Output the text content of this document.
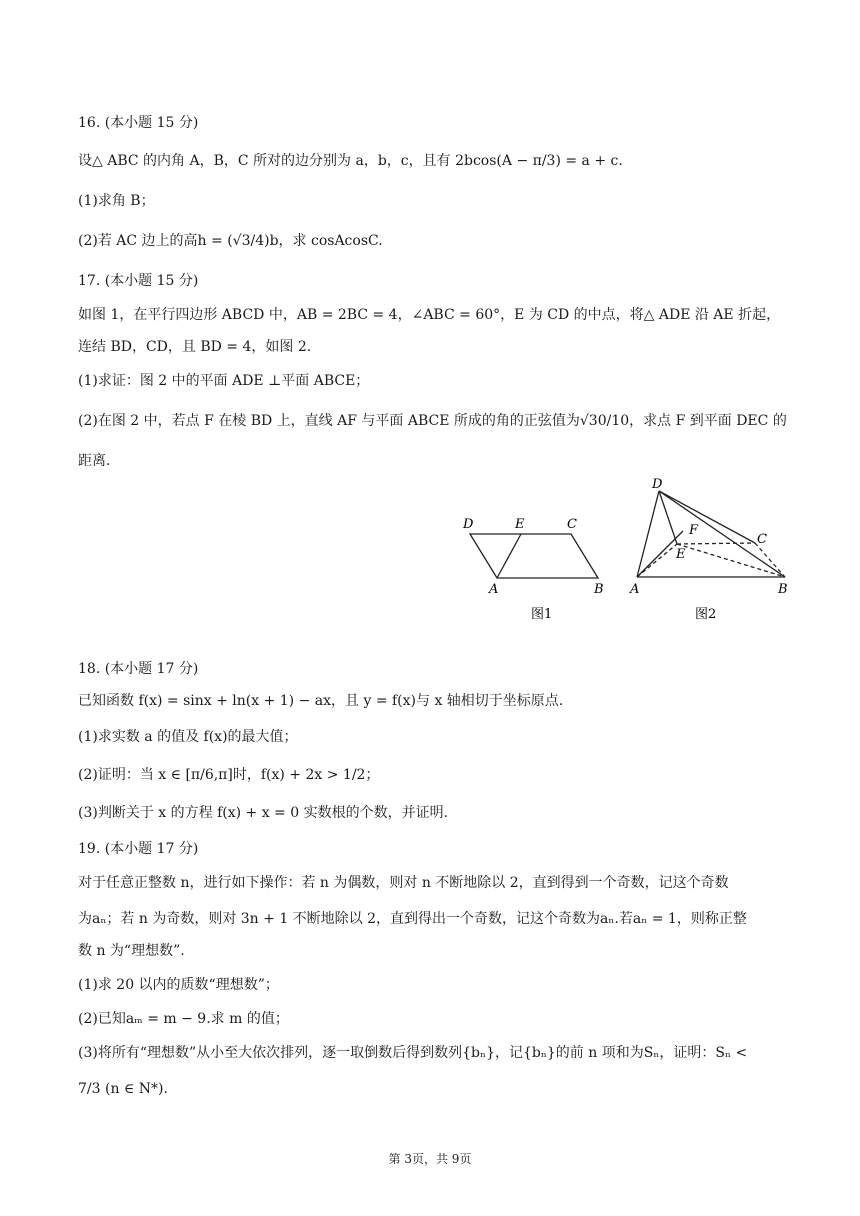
16. (本小题 15 分)
设△ ABC 的内角 A，B，C 所对的边分别为 a，b，c，且有 2bcos(A − π/3) = a + c.
(1)求角 B；
(2)若 AC 边上的高h = (√3/4)b，求 cosAcosC.
17. (本小题 15 分)
如图 1，在平行四边形 ABCD 中，AB = 2BC = 4，∠ABC = 60°，E 为 CD 的中点，将△ ADE 沿 AE 折起，
连结 BD，CD，且 BD = 4，如图 2.
(1)求证：图 2 中的平面 ADE ⊥平面 ABCE；
(2)在图 2 中，若点 F 在棱 BD 上，直线 AF 与平面 ABCE 所成的角的正弦值为√30/10，求点 F 到平面 DEC 的
距离.
D	E	C
A	B
图1
D
F
E
C
A	B
图2
18. (本小题 17 分)
已知函数 f(x) = sinx + ln(x + 1) − ax，且 y = f(x)与 x 轴相切于坐标原点.
(1)求实数 a 的值及 f(x)的最大值；
(2)证明：当 x ∈ [π/6,π]时，f(x) + 2x > 1/2；
(3)判断关于 x 的方程 f(x) + x = 0 实数根的个数，并证明.
19. (本小题 17 分)
对于任意正整数 n，进行如下操作：若 n 为偶数，则对 n 不断地除以 2，直到得到一个奇数，记这个奇数
为aₙ；若 n 为奇数，则对 3n + 1 不断地除以 2，直到得出一个奇数，记这个奇数为aₙ.若aₙ = 1，则称正整
数 n 为“理想数”.
(1)求 20 以内的质数“理想数”；
(2)已知aₘ = m − 9.求 m 的值；
(3)将所有“理想数”从小至大依次排列，逐一取倒数后得到数列{bₙ}，记{bₙ}的前 n 项和为Sₙ，证明：Sₙ <
7/3 (n ∈ N*).
第 3页，共 9页
